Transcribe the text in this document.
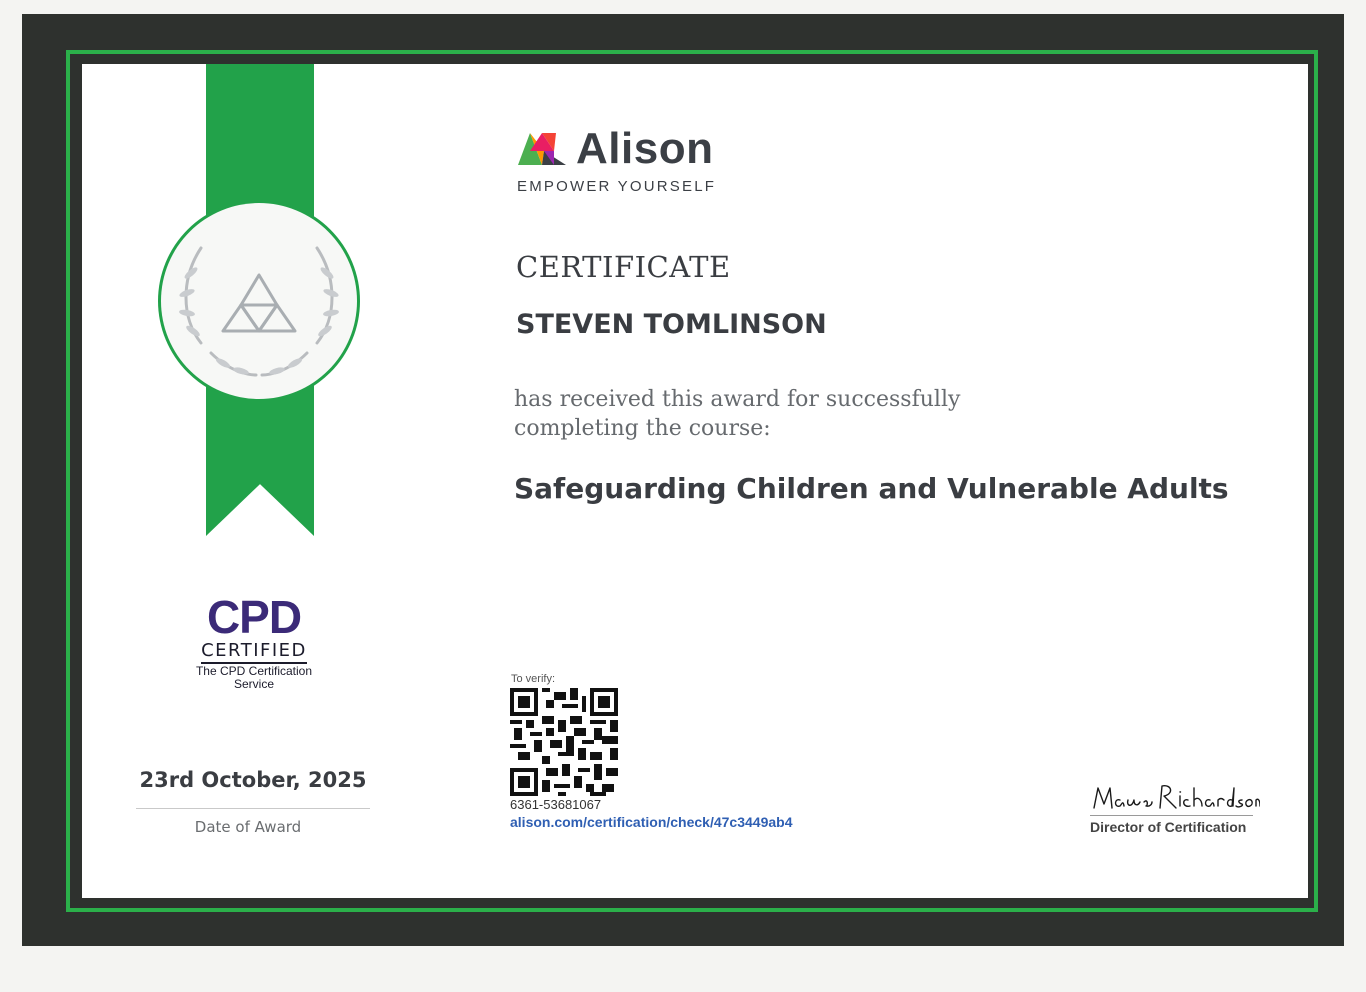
Alison
EMPOWER YOURSELF
CERTIFICATE
STEVEN TOMLINSON
has received this award for successfully
completing the course:
Safeguarding Children and Vulnerable Adults
CPD
CERTIFIED
The CPD Certification
Service
23rd October, 2025
Date of Award
To verify:
6361-53681067
alison.com/certification/check/47c3449ab4	Director of Certification
